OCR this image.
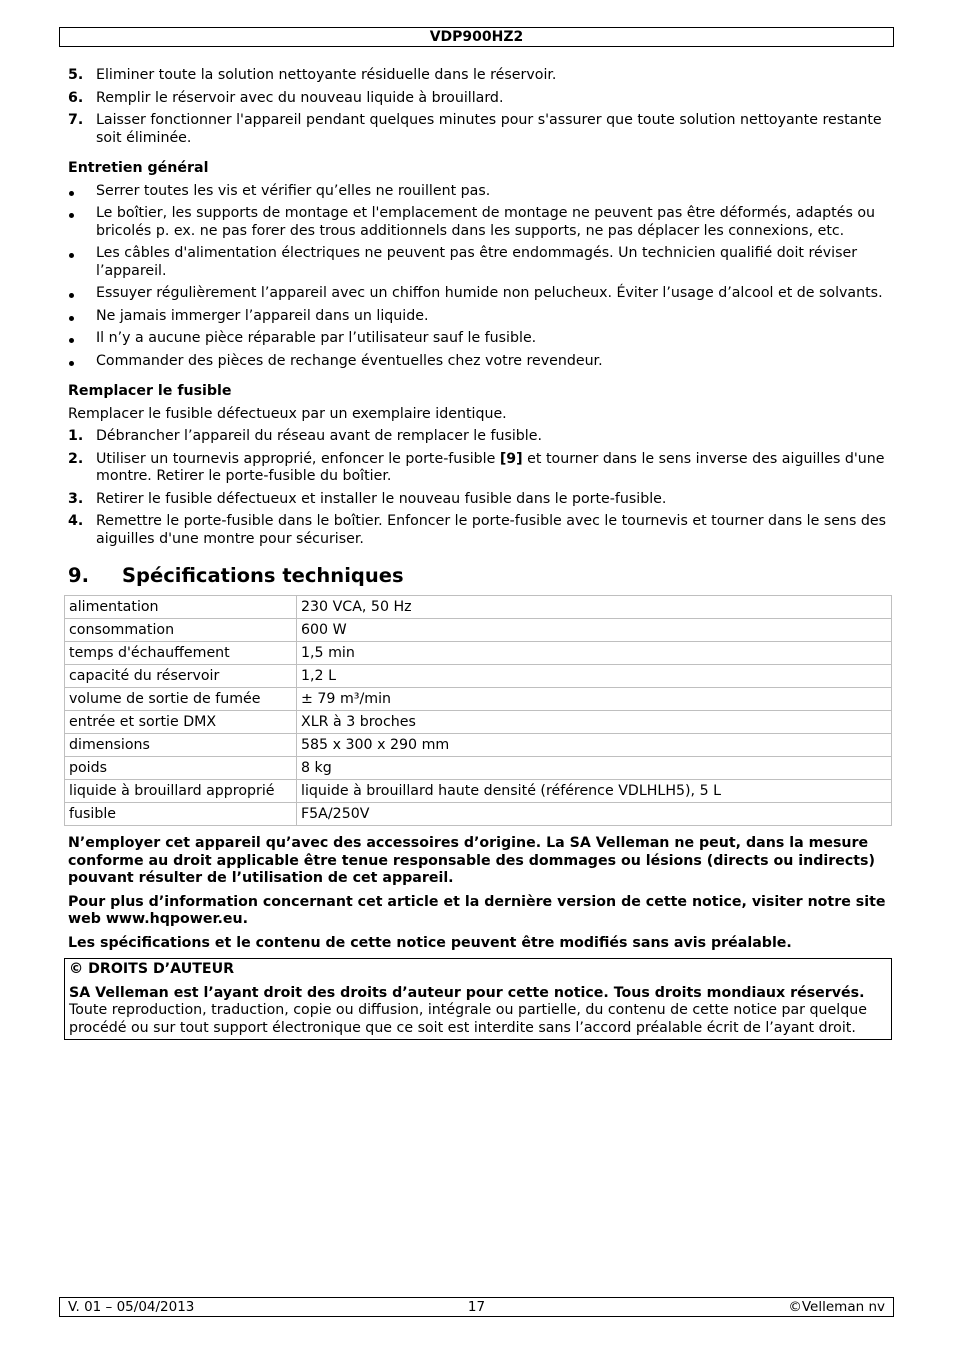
VDP900HZ2
5. Eliminer toute la solution nettoyante résiduelle dans le réservoir.
6. Remplir le réservoir avec du nouveau liquide à brouillard.
7. Laisser fonctionner l'appareil pendant quelques minutes pour s'assurer que toute solution nettoyante restante soit éliminée.
Entretien général
Serrer toutes les vis et vérifier qu’elles ne rouillent pas.
Le boîtier, les supports de montage et l'emplacement de montage ne peuvent pas être déformés, adaptés ou bricolés p. ex. ne pas forer des trous additionnels dans les supports, ne pas déplacer les connexions, etc.
Les câbles d'alimentation électriques ne peuvent pas être endommagés. Un technicien qualifié doit réviser l’appareil.
Essuyer régulièrement l’appareil avec un chiffon humide non pelucheux. Éviter l’usage d’alcool et de solvants.
Ne jamais immerger l’appareil dans un liquide.
Il n’y a aucune pièce réparable par l’utilisateur sauf le fusible.
Commander des pièces de rechange éventuelles chez votre revendeur.
Remplacer le fusible

Remplacer le fusible défectueux par un exemplaire identique.

1. Débrancher l’appareil du réseau avant de remplacer le fusible.
2. Utiliser un tournevis approprié, enfoncer le porte-fusible [9] et tourner dans le sens inverse des aiguilles d'une montre. Retirer le porte-fusible du boîtier.
3. Retirer le fusible défectueux et installer le nouveau fusible dans le porte-fusible.
4. Remettre le porte-fusible dans le boîtier. Enfoncer le porte-fusible avec le tournevis et tourner dans le sens des aiguilles d'une montre pour sécuriser.
9. Spécifications techniques
alimentation	230 VCA, 50 Hz
consommation	600 W
temps d'échauffement	1,5 min
capacité du réservoir	1,2 L
volume de sortie de fumée	± 79 m³/min
entrée et sortie DMX	XLR à 3 broches
dimensions	585 x 300 x 290 mm
poids	8 kg
liquide à brouillard approprié	liquide à brouillard haute densité (référence VDLHLH5), 5 L
fusible	F5A/250V

N’employer cet appareil qu’avec des accessoires d’origine. La SA Velleman ne peut, dans la mesure conforme au droit applicable être tenue responsable des dommages ou lésions (directs ou indirects) pouvant résulter de l’utilisation de cet appareil.

Pour plus d’information concernant cet article et la dernière version de cette notice, visiter notre site web www.hqpower.eu.

Les spécifications et le contenu de cette notice peuvent être modifiés sans avis préalable.

© DROITS D’AUTEUR
SA Velleman est l’ayant droit des droits d’auteur pour cette notice. Tous droits mondiaux réservés.
Toute reproduction, traduction, copie ou diffusion, intégrale ou partielle, du contenu de cette notice par quelque procédé ou sur tout support électronique que ce soit est interdite sans l’accord préalable écrit de l’ayant droit.
V. 01 – 05/04/2013	17	©Velleman nv
